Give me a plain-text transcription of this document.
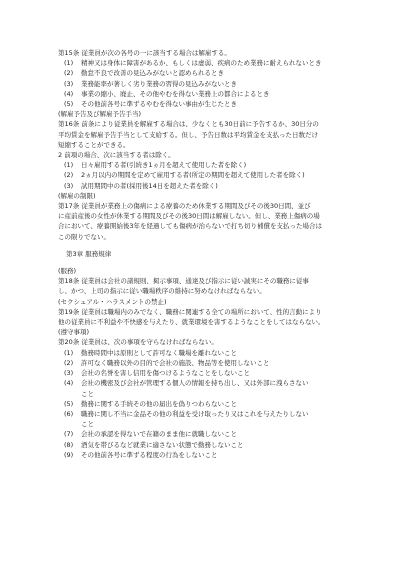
第15条 従業員が次の各号の一に該当する場合は解雇する。
(1)	精神又は身体に障害があるか、もしくは虚弱、疾病のため業務に耐えられないとき
(2)	勤怠不良で改善の見込みがないと認められるとき
(3)	業務能率が著しく劣り業務の習得の見込みがないとき
(4)	事業の縮小、廃止、その他やむを得ない業務上の都合によるとき
(5)	その他前各号に準ずるやむを得ない事由が生じたとき
(解雇予告及び解雇予告手当)
第16条 前条により従業員を解雇する場合は、少なくとも30日前に予告するか、30日分の
平均賃金を解雇予告手当として支給する。但し、予告日数は平均賃金を支払った日数だけ
短縮することができる。
2 前項の場合、次に該当する者は除く。
(1)	日々雇用する者(引続き1ヵ月を超えて使用した者を除く)
(2)	2ヵ月以内の期間を定めて雇用する者(所定の期間を超えて使用した者を除く)
(3)	試用期間中の者(採用後14日を超えた者を除く)
(解雇の制限)
第17条 従業員が業務上の傷病による療養のため休業する期間及びその後30日間、並び
に産前産後の女性が休業する期間及びその後30日間は解雇しない。但し、業務上傷病の場
合において、療養開始後3年を経過しても傷病が治らないで打ち切り補償を支払った場合は
この限りでない。
第3章 服務規律
(服務)
第18条 従業員は会社の諸規則、掲示事項、通達及び指示に従い誠実にその職務に従事
し、かつ、上司の指示に従い職場秩序の維持に努めなければならない。
(セクシュアル・ハラスメントの禁止)
第19条 従業員は職場内のみでなく、職務に関連する全ての場所において、性的言動により
他の従業員に不利益や不快感を与えたり、就業環境を害するようなことをしてはならない。
(遵守事項)
第20条 従業員は、次の事項を守らなければならない。
(1)	勤務時間中は原則として許可なく職場を離れないこと
(2)	許可なく職務以外の目的で会社の施設、物品等を使用しないこと
(3)	会社の名誉を害し信用を傷つけるようなことをしないこと
(4)	会社の機密及び会社が管理する個人の情報を持ち出し、又は外部に洩らさない
こと
(5)	勤務に関する手続その他の届出を偽りつわらないこと
(6)	職務に関し不当に金品その他の利益を受け取ったり又はこれを与えたりしない
こと
(7)	会社の承認を得ないで在籍のまま他に就職しないこと
(8)	酒気を帯びるなど就業に適さない状態で勤務しないこと
(9)	その他前各号に準ずる程度の行為をしないこと
